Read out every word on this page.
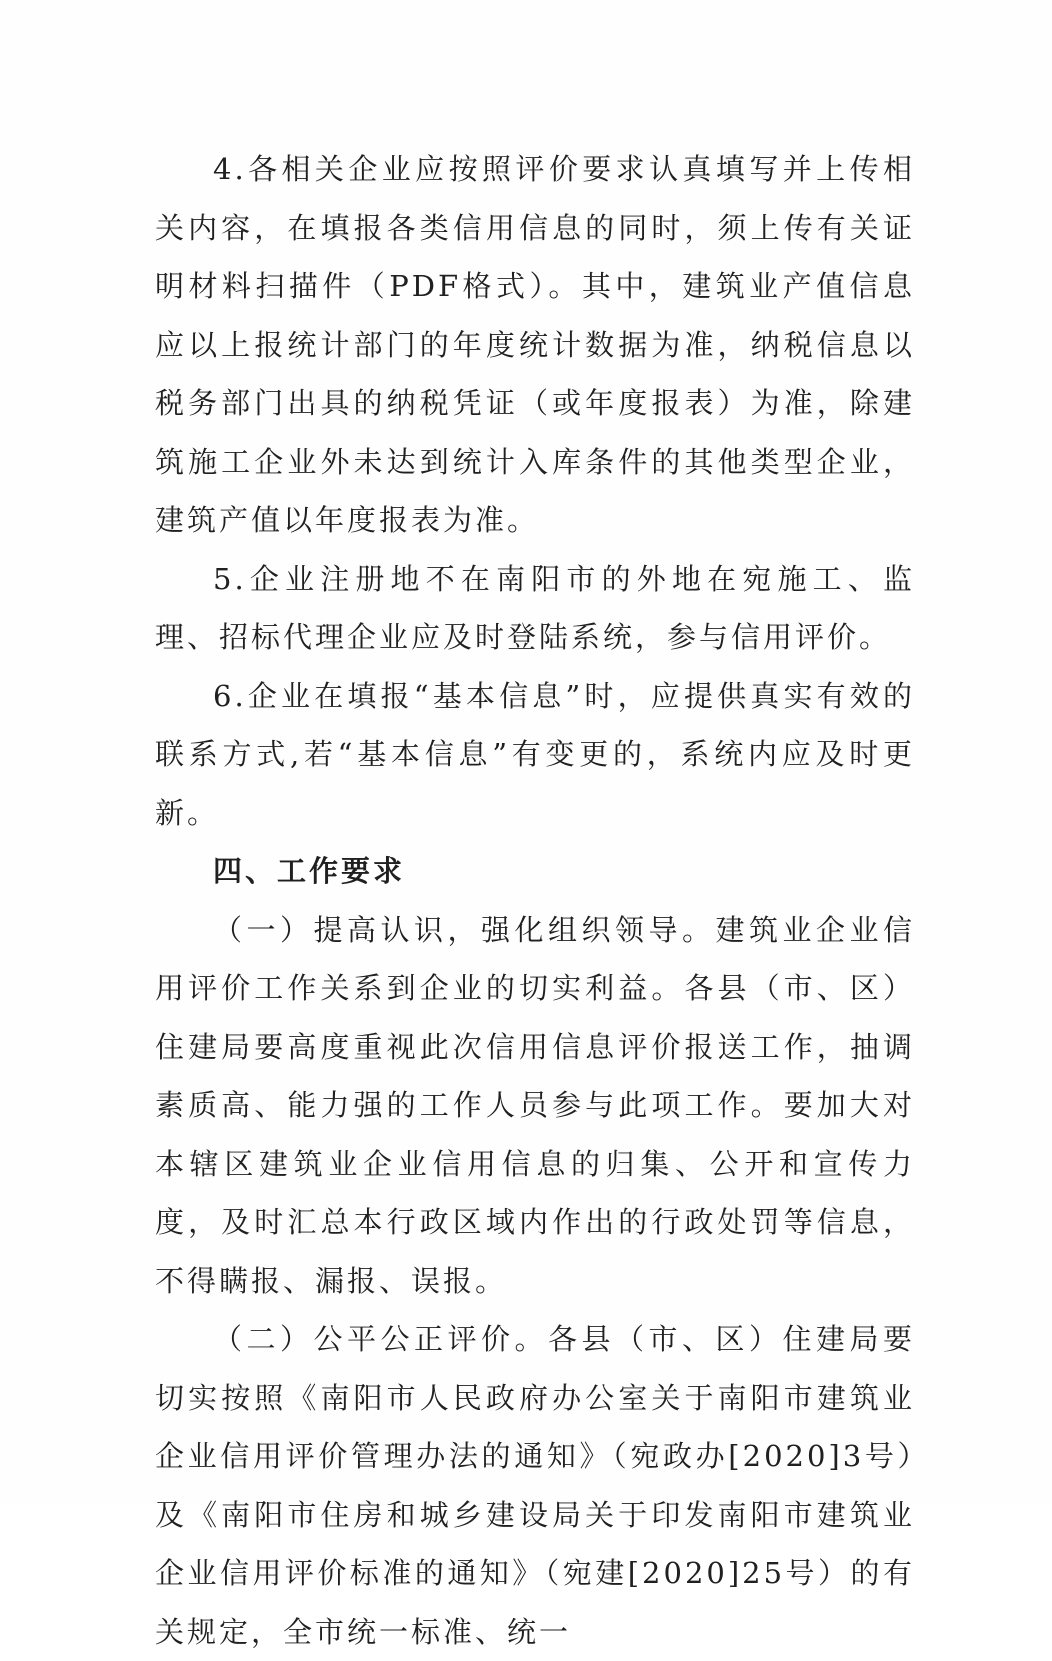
4.各相关企业应按照评价要求认真填写并上传相关内容，在填报各类信用信息的同时，须上传有关证明材料扫描件（PDF格式）。其中，建筑业产值信息应以上报统计部门的年度统计数据为准，纳税信息以税务部门出具的纳税凭证（或年度报表）为准，除建筑施工企业外未达到统计入库条件的其他类型企业，建筑产值以年度报表为准。

5.企业注册地不在南阳市的外地在宛施工、监理、招标代理企业应及时登陆系统，参与信用评价。

6.企业在填报“基本信息”时，应提供真实有效的联系方式,若“基本信息”有变更的，系统内应及时更新。

四、工作要求

（一）提高认识，强化组织领导。建筑业企业信用评价工作关系到企业的切实利益。各县（市、区）住建局要高度重视此次信用信息评价报送工作，抽调素质高、能力强的工作人员参与此项工作。要加大对本辖区建筑业企业信用信息的归集、公开和宣传力度，及时汇总本行政区域内作出的行政处罚等信息，不得瞒报、漏报、误报。

（二）公平公正评价。各县（市、区）住建局要切实按照《南阳市人民政府办公室关于南阳市建筑业企业信用评价管理办法的通知》（宛政办[2020]3号）及《南阳市住房和城乡建设局关于印发南阳市建筑业企业信用评价标准的通知》（宛建[2020]25号）的有关规定，全市统一标准、统一
